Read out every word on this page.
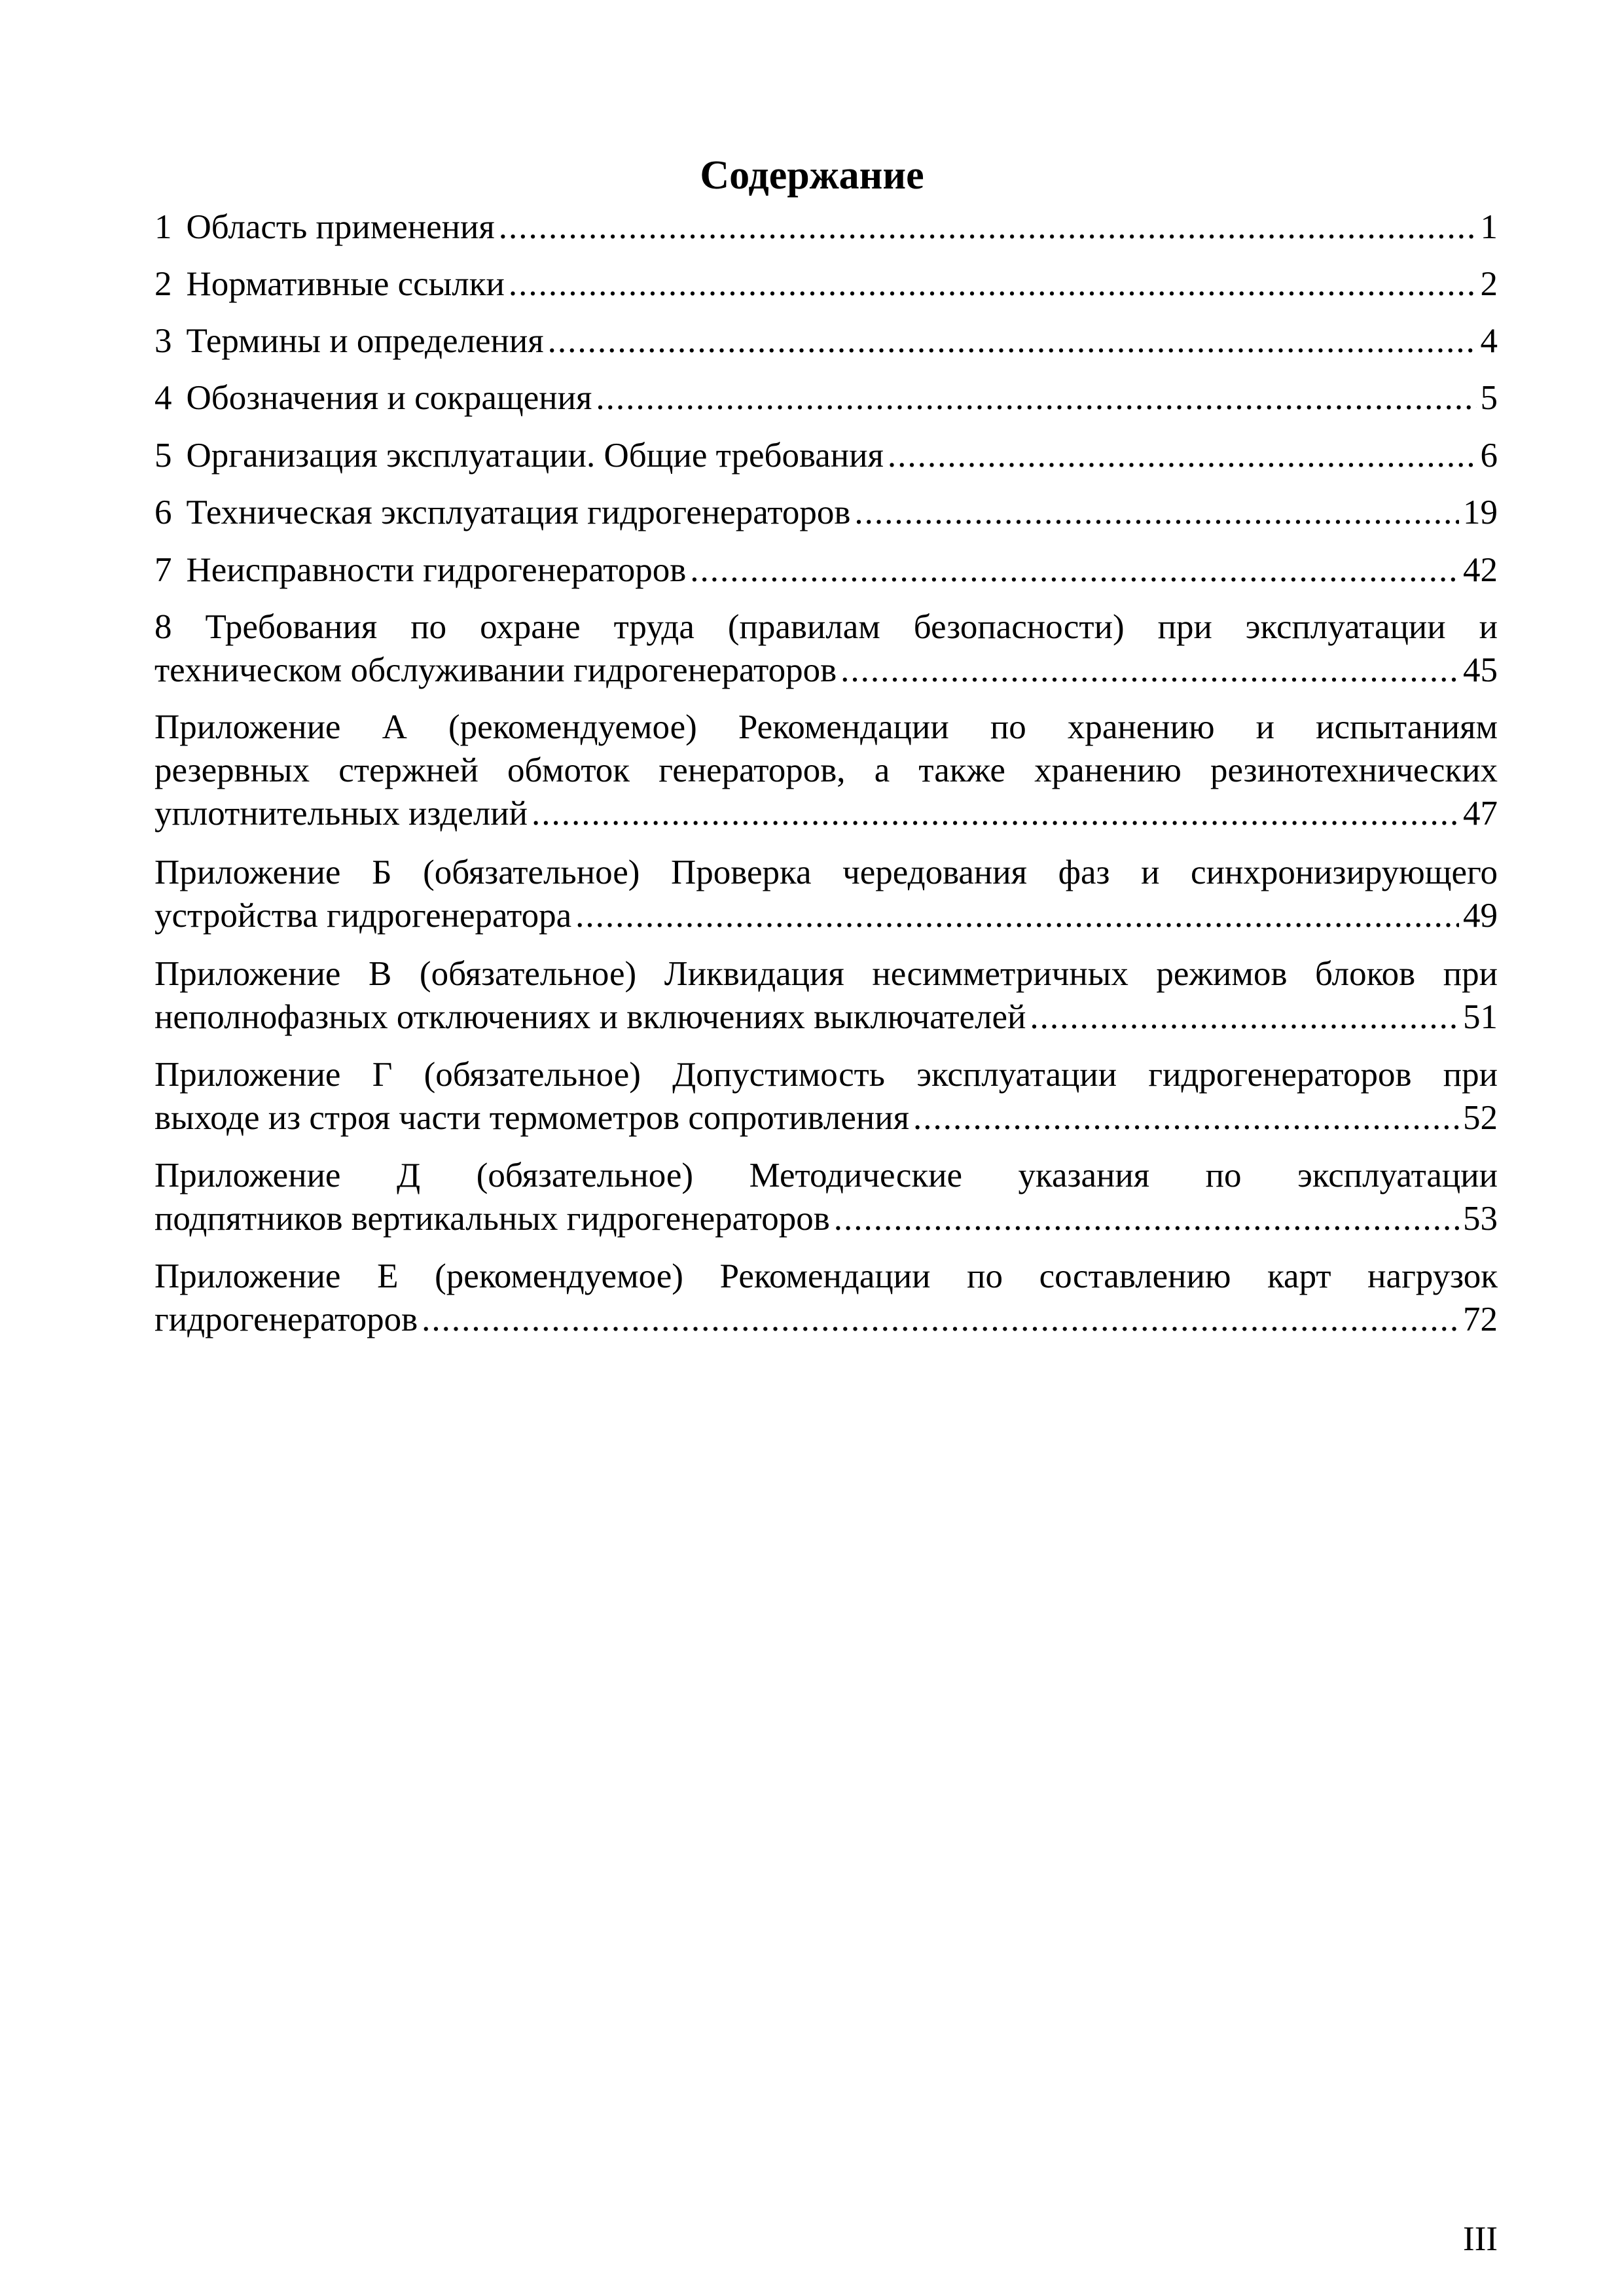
Содержание
1 Область применения .....	1
2 Нормативные ссылки .....	2
3 Термины и определения .....	4
4 Обозначения и сокращения .....	5
5 Организация эксплуатации. Общие требования .....	6
6 Техническая эксплуатация гидрогенераторов .....	19
7 Неисправности гидрогенераторов .....	42
8 Требования по охране труда (правилам безопасности) при эксплуатации и
техническом обслуживании гидрогенераторов .....	45
Приложение А (рекомендуемое) Рекомендации по хранению и испытаниям
резервных стержней обмоток генераторов, а также хранению резинотехнических
уплотнительных изделий .....	47
Приложение Б (обязательное) Проверка чередования фаз и синхронизирующего
устройства гидрогенератора .....	49
Приложение В (обязательное) Ликвидация несимметричных режимов блоков при
неполнофазных отключениях и включениях выключателей .....	51
Приложение Г (обязательное) Допустимость эксплуатации гидрогенераторов при
выходе из строя части термометров сопротивления .....	52
Приложение Д (обязательное) Методические указания по эксплуатации
подпятников вертикальных гидрогенераторов .....	53
Приложение Е (рекомендуемое) Рекомендации по составлению карт нагрузок
гидрогенераторов .....	72
III
